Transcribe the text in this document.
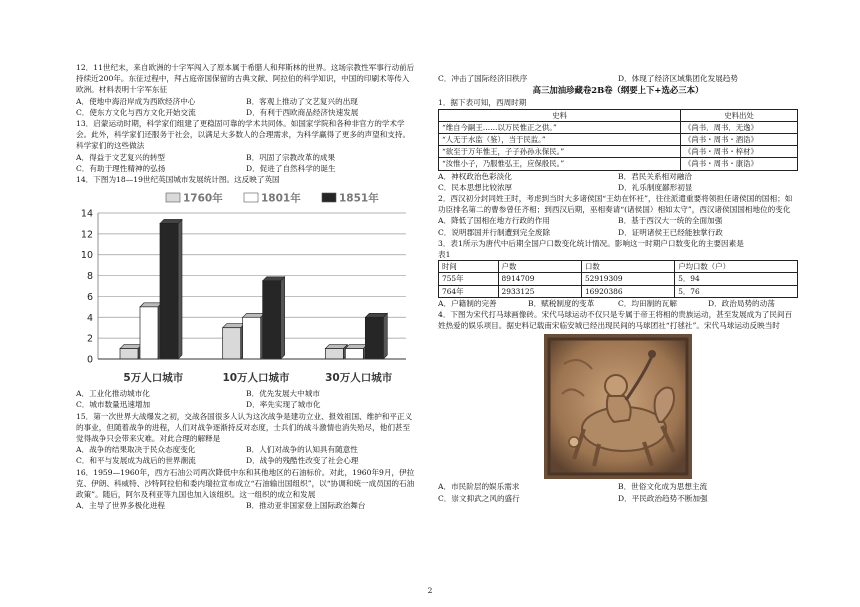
12．11世纪末，来自欧洲的十字军闯入了原本属于希腊人和拜斯林的世界。这场宗教性军事行动前后持续近200年。东征过程中，拜占庭帝国保留的古典文献、阿拉伯的科学知识，中国的印刷术等传入欧洲。材料表明十字军东征

A．使地中海沿岸成为西欧经济中心	B．客观上推动了文艺复兴的出现
C．使东方文化与西方文化开始交流	D．有利于西欧商品经济快速发展

13．启蒙运动时期，科学家们组建了更稳固可靠的学术共同体。如国家学院和各种非官方的学术学会。此外，科学家们还服务于社会，以满足大多数人的合理需求，为科学赢得了更多的声望和支持。科学家们的这些做法

A．得益于文艺复兴的转型	B．巩固了宗教改革的成果
C．有助于理性精神的弘扬	D．促进了自然科学的诞生

14．下图为18—19世纪英国城市发展统计图。这反映了英国

1760年	1801年	1851年
0
2
4
6
8
10
12
14
5万人口城市	10万人口城市	30万人口城市
A．工业化推动城市化	B．优先发展大中城市
C．城市数量迅速增加	D．率先实现了城市化

15．第一次世界大战爆发之初，交战各国很多人认为这次战争是建功立业、报效祖国、维护和平正义的事业，但随着战争的进程，人们对战争逐渐持反对态度，士兵们的战斗激情也消失殆尽，他们甚至觉得战争只会带来灾难。对此合理的解释是

A．战争的结果取决于民众态度变化	B．人们对战争的认知具有随意性
C．和平与发展成为战后的世界潮流	D．战争的残酷性改变了社会心理

16．1959—1960年，西方石油公司两次降低中东和其他地区的石油标价。对此，1960年9月，伊拉克、伊朗、科威特、沙特阿拉伯和委内瑞拉宣布成立“石油输出国组织”，以“协调和统一成员国的石油政策”。随后，阿尔及利亚等九国也加入该组织。这一组织的成立和发展

A．主导了世界多极化进程	B．推动亚非国家登上国际政治舞台
C．冲击了国际经济旧秩序	D．体现了经济区域集团化发展趋势

高三加油珍藏卷2B卷（纲要上下+选必三本）

1．据下表可知，西周时期

史料	史料出处
“维自今嗣王……以万民惟正之供。”	《尚书．周书．无逸》
“人无于水监（鉴），当于民监。”	《尚书・周书・酒诰》
“欲至于万年惟王，子子孙孙永保民。”	《尚书・周书・梓材》
“汝惟小子，乃服惟弘王，应保殷民。”	《尚书・周书・康诰》
A．神权政治色彩淡化	B．君民关系相对融洽
C．民本思想比较浓厚	D．礼乐制度鄙形初显

2．西汉初分封同姓王时，考虑到当时大多诸侯国“王幼在怀衽”，往往派遣重要将领担任诸侯国的国相；如功臣排名第二的曹参曾任齐相；到西汉后期，巫相奏请“(诸侯国）相如太守”，西汉诸侯国国相地位的变化

A．降低了国相在地方行政的作用	B．基于西汉大一统的全面加强
C．说明郡国并行制遭到完全废除	D．证明诸侯王已经能独掌行政

3．表1所示为唐代中后期全国户口数变化统计情况。影响这一时期户口数变化的主要因素是

表1

时间	户数	口数	户均口数（户）
755年	8914709	52919309	5．94
764年	2933125	16920386	5．76
A．户籍制的完善	B．赋税制度的变革	C．均田制的瓦解	D．政治局势的动荡

4．下图为宋代打马球画像砖。宋代马球运动不仅只是专属于帝王将相的贵族运动，甚至发展成为了民间百姓热爱的娱乐项目。据史料记载南宋临安城已经出现民间的马球团社“打毬社”。宋代马球运动反映当时

A．市民阶层的娱乐需求	B．世俗文化成为思想主流
C．崇文抑武之风的盛行	D．平民政治趋势不断加强
2
